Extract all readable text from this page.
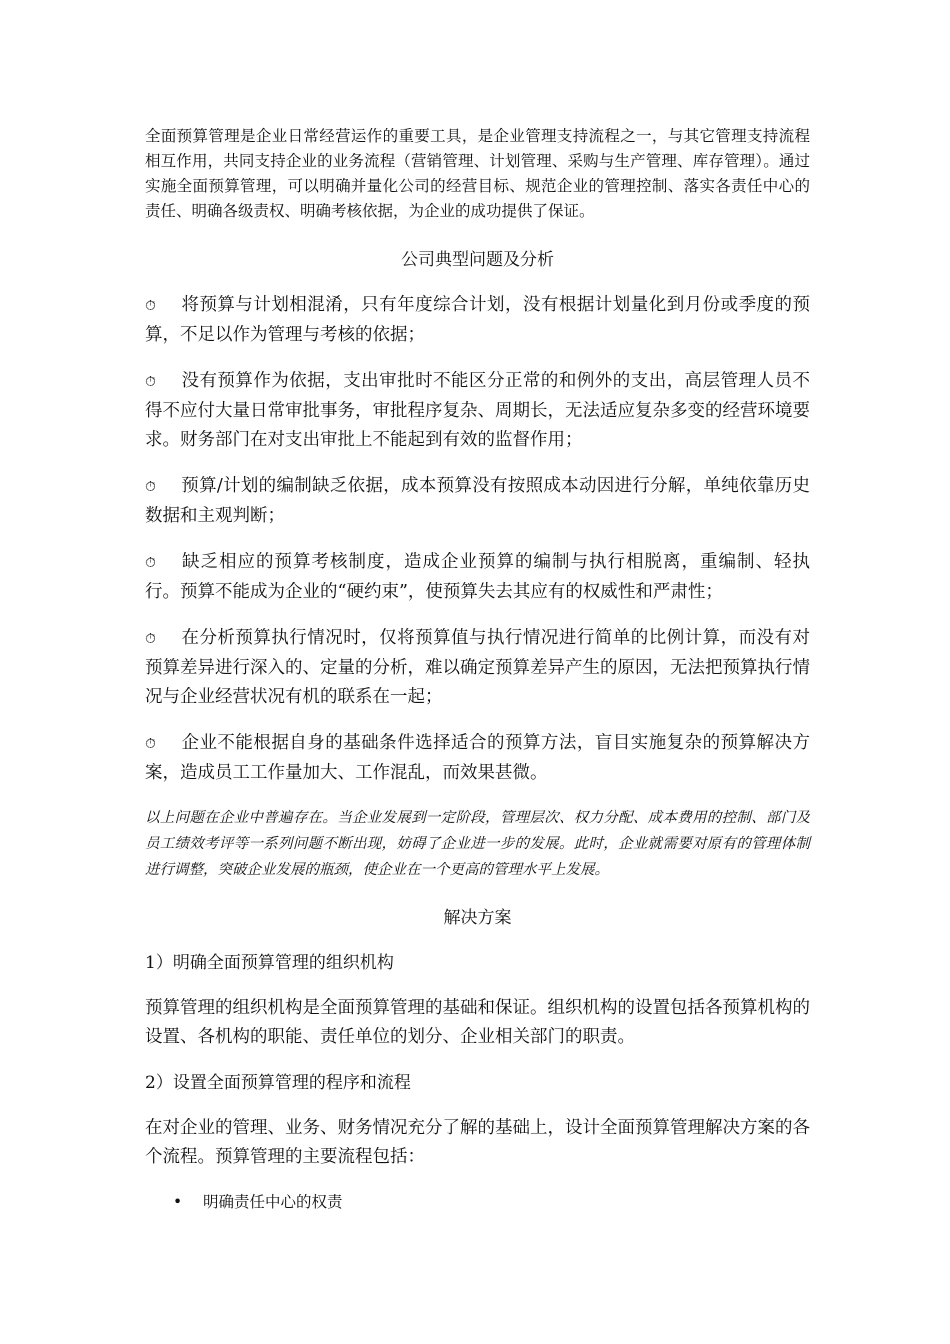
全面预算管理是企业日常经营运作的重要工具，是企业管理支持流程之一，与其它管理支持流程相互作用，共同支持企业的业务流程（营销管理、计划管理、采购与生产管理、库存管理）。通过实施全面预算管理，可以明确并量化公司的经营目标、规范企业的管理控制、落实各责任中心的责任、明确各级责权、明确考核依据，为企业的成功提供了保证。

公司典型问题及分析

⏱ 将预算与计划相混淆，只有年度综合计划，没有根据计划量化到月份或季度的预算，不足以作为管理与考核的依据；

⏱ 没有预算作为依据，支出审批时不能区分正常的和例外的支出，高层管理人员不得不应付大量日常审批事务，审批程序复杂、周期长，无法适应复杂多变的经营环境要求。财务部门在对支出审批上不能起到有效的监督作用；

⏱ 预算/计划的编制缺乏依据，成本预算没有按照成本动因进行分解，单纯依靠历史数据和主观判断；

⏱ 缺乏相应的预算考核制度，造成企业预算的编制与执行相脱离，重编制、轻执行。预算不能成为企业的“硬约束”，使预算失去其应有的权威性和严肃性；

⏱ 在分析预算执行情况时，仅将预算值与执行情况进行简单的比例计算，而没有对预算差异进行深入的、定量的分析，难以确定预算差异产生的原因，无法把预算执行情况与企业经营状况有机的联系在一起；

⏱ 企业不能根据自身的基础条件选择适合的预算方法，盲目实施复杂的预算解决方案，造成员工工作量加大、工作混乱，而效果甚微。

以上问题在企业中普遍存在。当企业发展到一定阶段，管理层次、权力分配、成本费用的控制、部门及员工绩效考评等一系列问题不断出现，妨碍了企业进一步的发展。此时，企业就需要对原有的管理体制进行调整，突破企业发展的瓶颈，使企业在一个更高的管理水平上发展。

解决方案

1）明确全面预算管理的组织机构

预算管理的组织机构是全面预算管理的基础和保证。组织机构的设置包括各预算机构的设置、各机构的职能、责任单位的划分、企业相关部门的职责。

2）设置全面预算管理的程序和流程

在对企业的管理、业务、财务情况充分了解的基础上，设计全面预算管理解决方案的各个流程。预算管理的主要流程包括：

• 明确责任中心的权责
